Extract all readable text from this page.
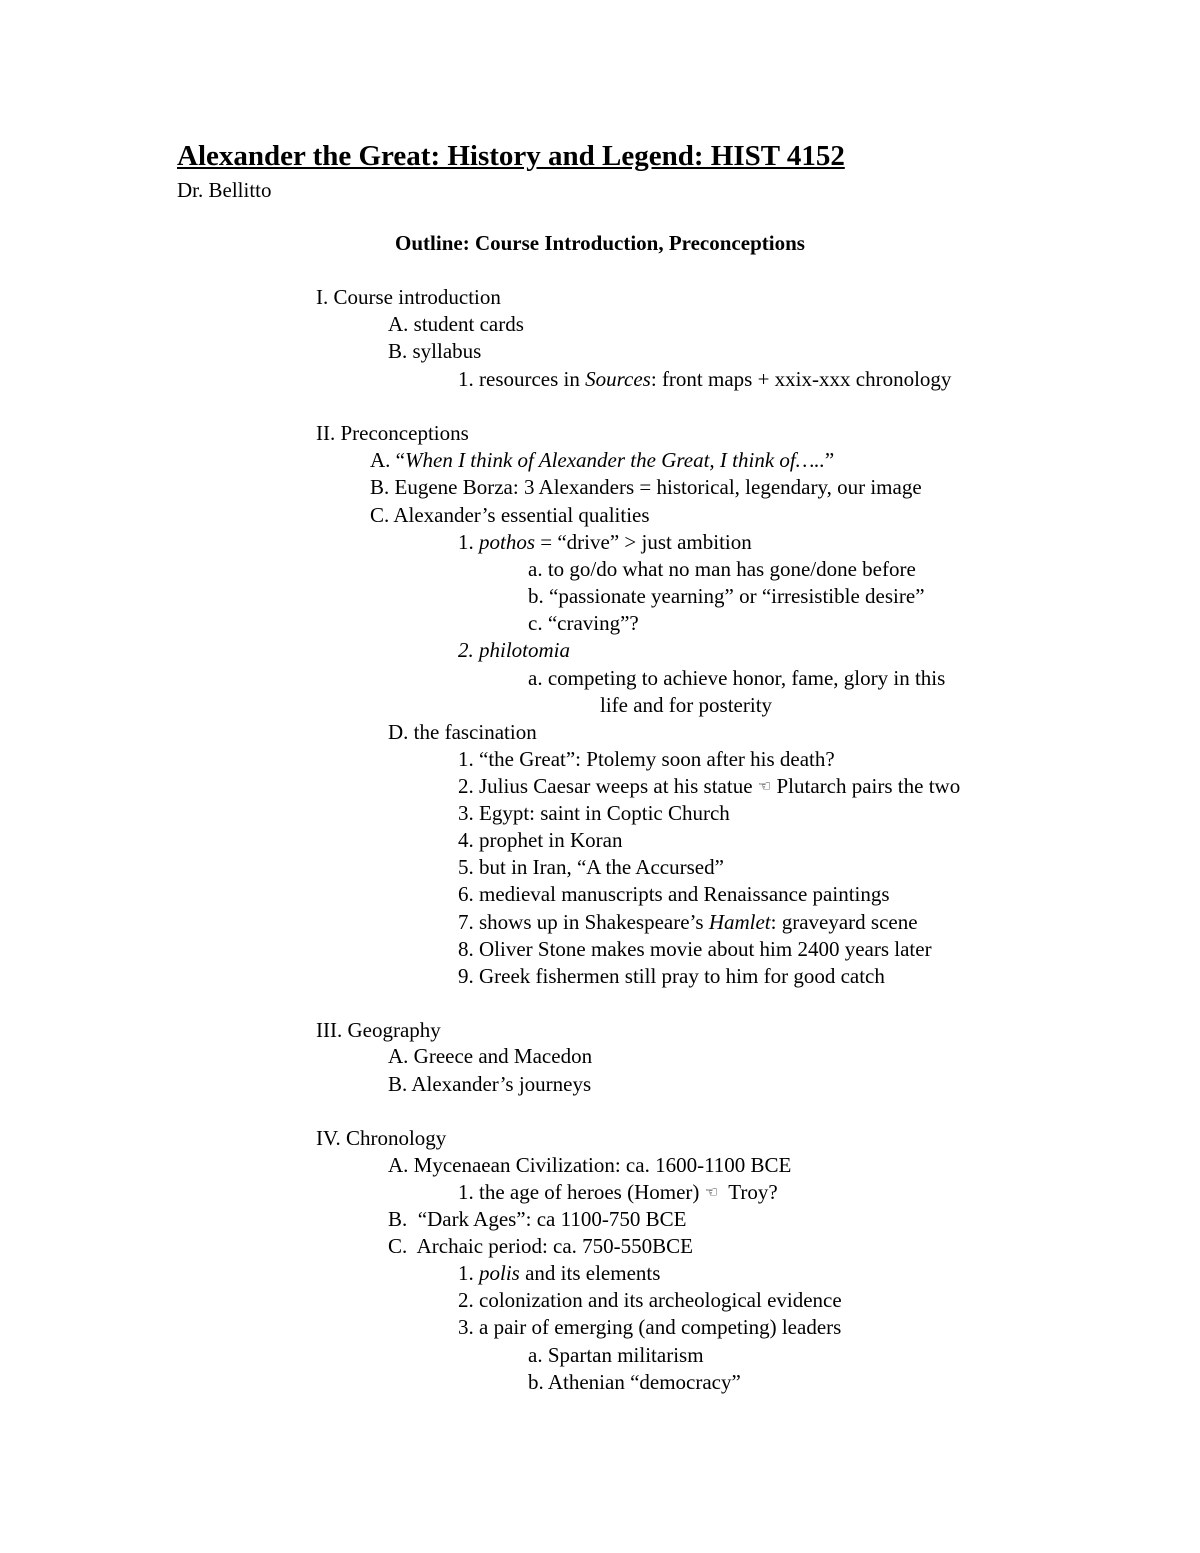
Alexander the Great: History and Legend: HIST 4152
Dr. Bellitto
Outline: Course Introduction, Preconceptions
I. Course introduction
A. student cards
B. syllabus
1. resources in Sources: front maps + xxix-xxx chronology
II. Preconceptions
A. “When I think of Alexander the Great, I think of…..”
B. Eugene Borza: 3 Alexanders = historical, legendary, our image
C. Alexander’s essential qualities
1. pothos = “drive” > just ambition
a. to go/do what no man has gone/done before
b. “passionate yearning” or “irresistible desire”
c. “craving”?
2. philotomia
a. competing to achieve honor, fame, glory in this
life and for posterity
D. the fascination
1. “the Great”: Ptolemy soon after his death?
2. Julius Caesar weeps at his statue ☜ Plutarch pairs the two
3. Egypt: saint in Coptic Church
4. prophet in Koran
5. but in Iran, “A the Accursed”
6. medieval manuscripts and Renaissance paintings
7. shows up in Shakespeare’s Hamlet: graveyard scene
8. Oliver Stone makes movie about him 2400 years later
9. Greek fishermen still pray to him for good catch
III. Geography
A. Greece and Macedon
B. Alexander’s journeys
IV. Chronology
A. Mycenaean Civilization: ca. 1600-1100 BCE
1. the age of heroes (Homer) ☜  Troy?
B.  “Dark Ages”: ca 1100-750 BCE
C.  Archaic period: ca. 750-550BCE
1. polis and its elements
2. colonization and its archeological evidence
3. a pair of emerging (and competing) leaders
a. Spartan militarism
b. Athenian “democracy”
